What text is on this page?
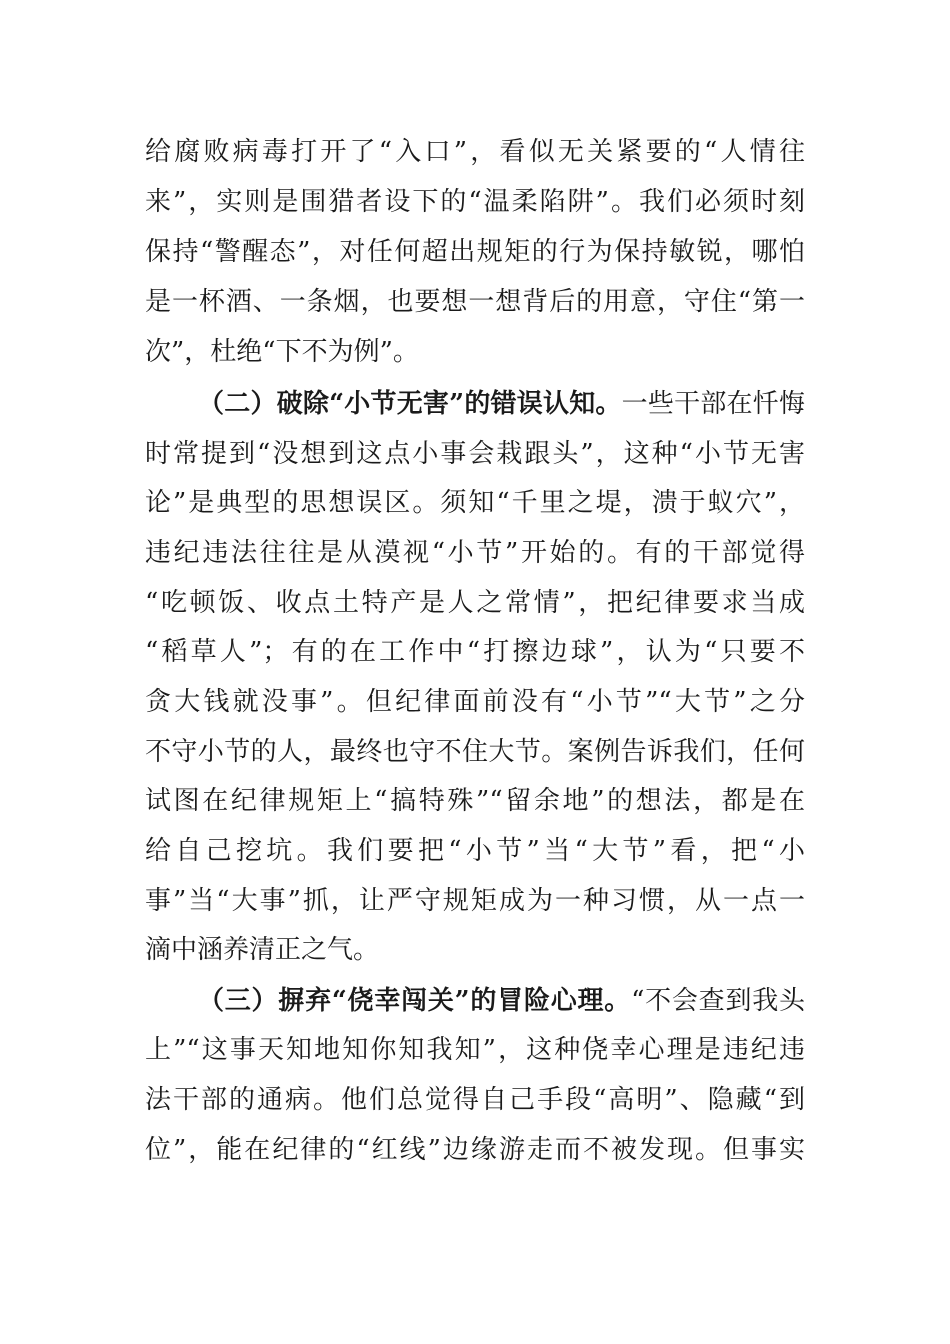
给腐败病毒打开了“入口”，看似无关紧要的“人情往
来”，实则是围猎者设下的“温柔陷阱”。我们必须时刻
保持“警醒态”，对任何超出规矩的行为保持敏锐，哪怕
是一杯酒、一条烟，也要想一想背后的用意，守住“第一
次”，杜绝“下不为例”。
（二）破除“小节无害”的错误认知。一些干部在忏悔
时常提到“没想到这点小事会栽跟头”，这种“小节无害
论”是典型的思想误区。须知“千里之堤，溃于蚁穴”，
违纪违法往往是从漠视“小节”开始的。有的干部觉得
“吃顿饭、收点土特产是人之常情”，把纪律要求当成
“稻草人”；有的在工作中“打擦边球”，认为“只要不
贪大钱就没事”。但纪律面前没有“小节”“大节”之分
不守小节的人，最终也守不住大节。案例告诉我们，任何
试图在纪律规矩上“搞特殊”“留余地”的想法，都是在
给自己挖坑。我们要把“小节”当“大节”看，把“小
事”当“大事”抓，让严守规矩成为一种习惯，从一点一
滴中涵养清正之气。
（三）摒弃“侥幸闯关”的冒险心理。“不会查到我头
上”“这事天知地知你知我知”，这种侥幸心理是违纪违
法干部的通病。他们总觉得自己手段“高明”、隐藏“到
位”，能在纪律的“红线”边缘游走而不被发现。但事实
